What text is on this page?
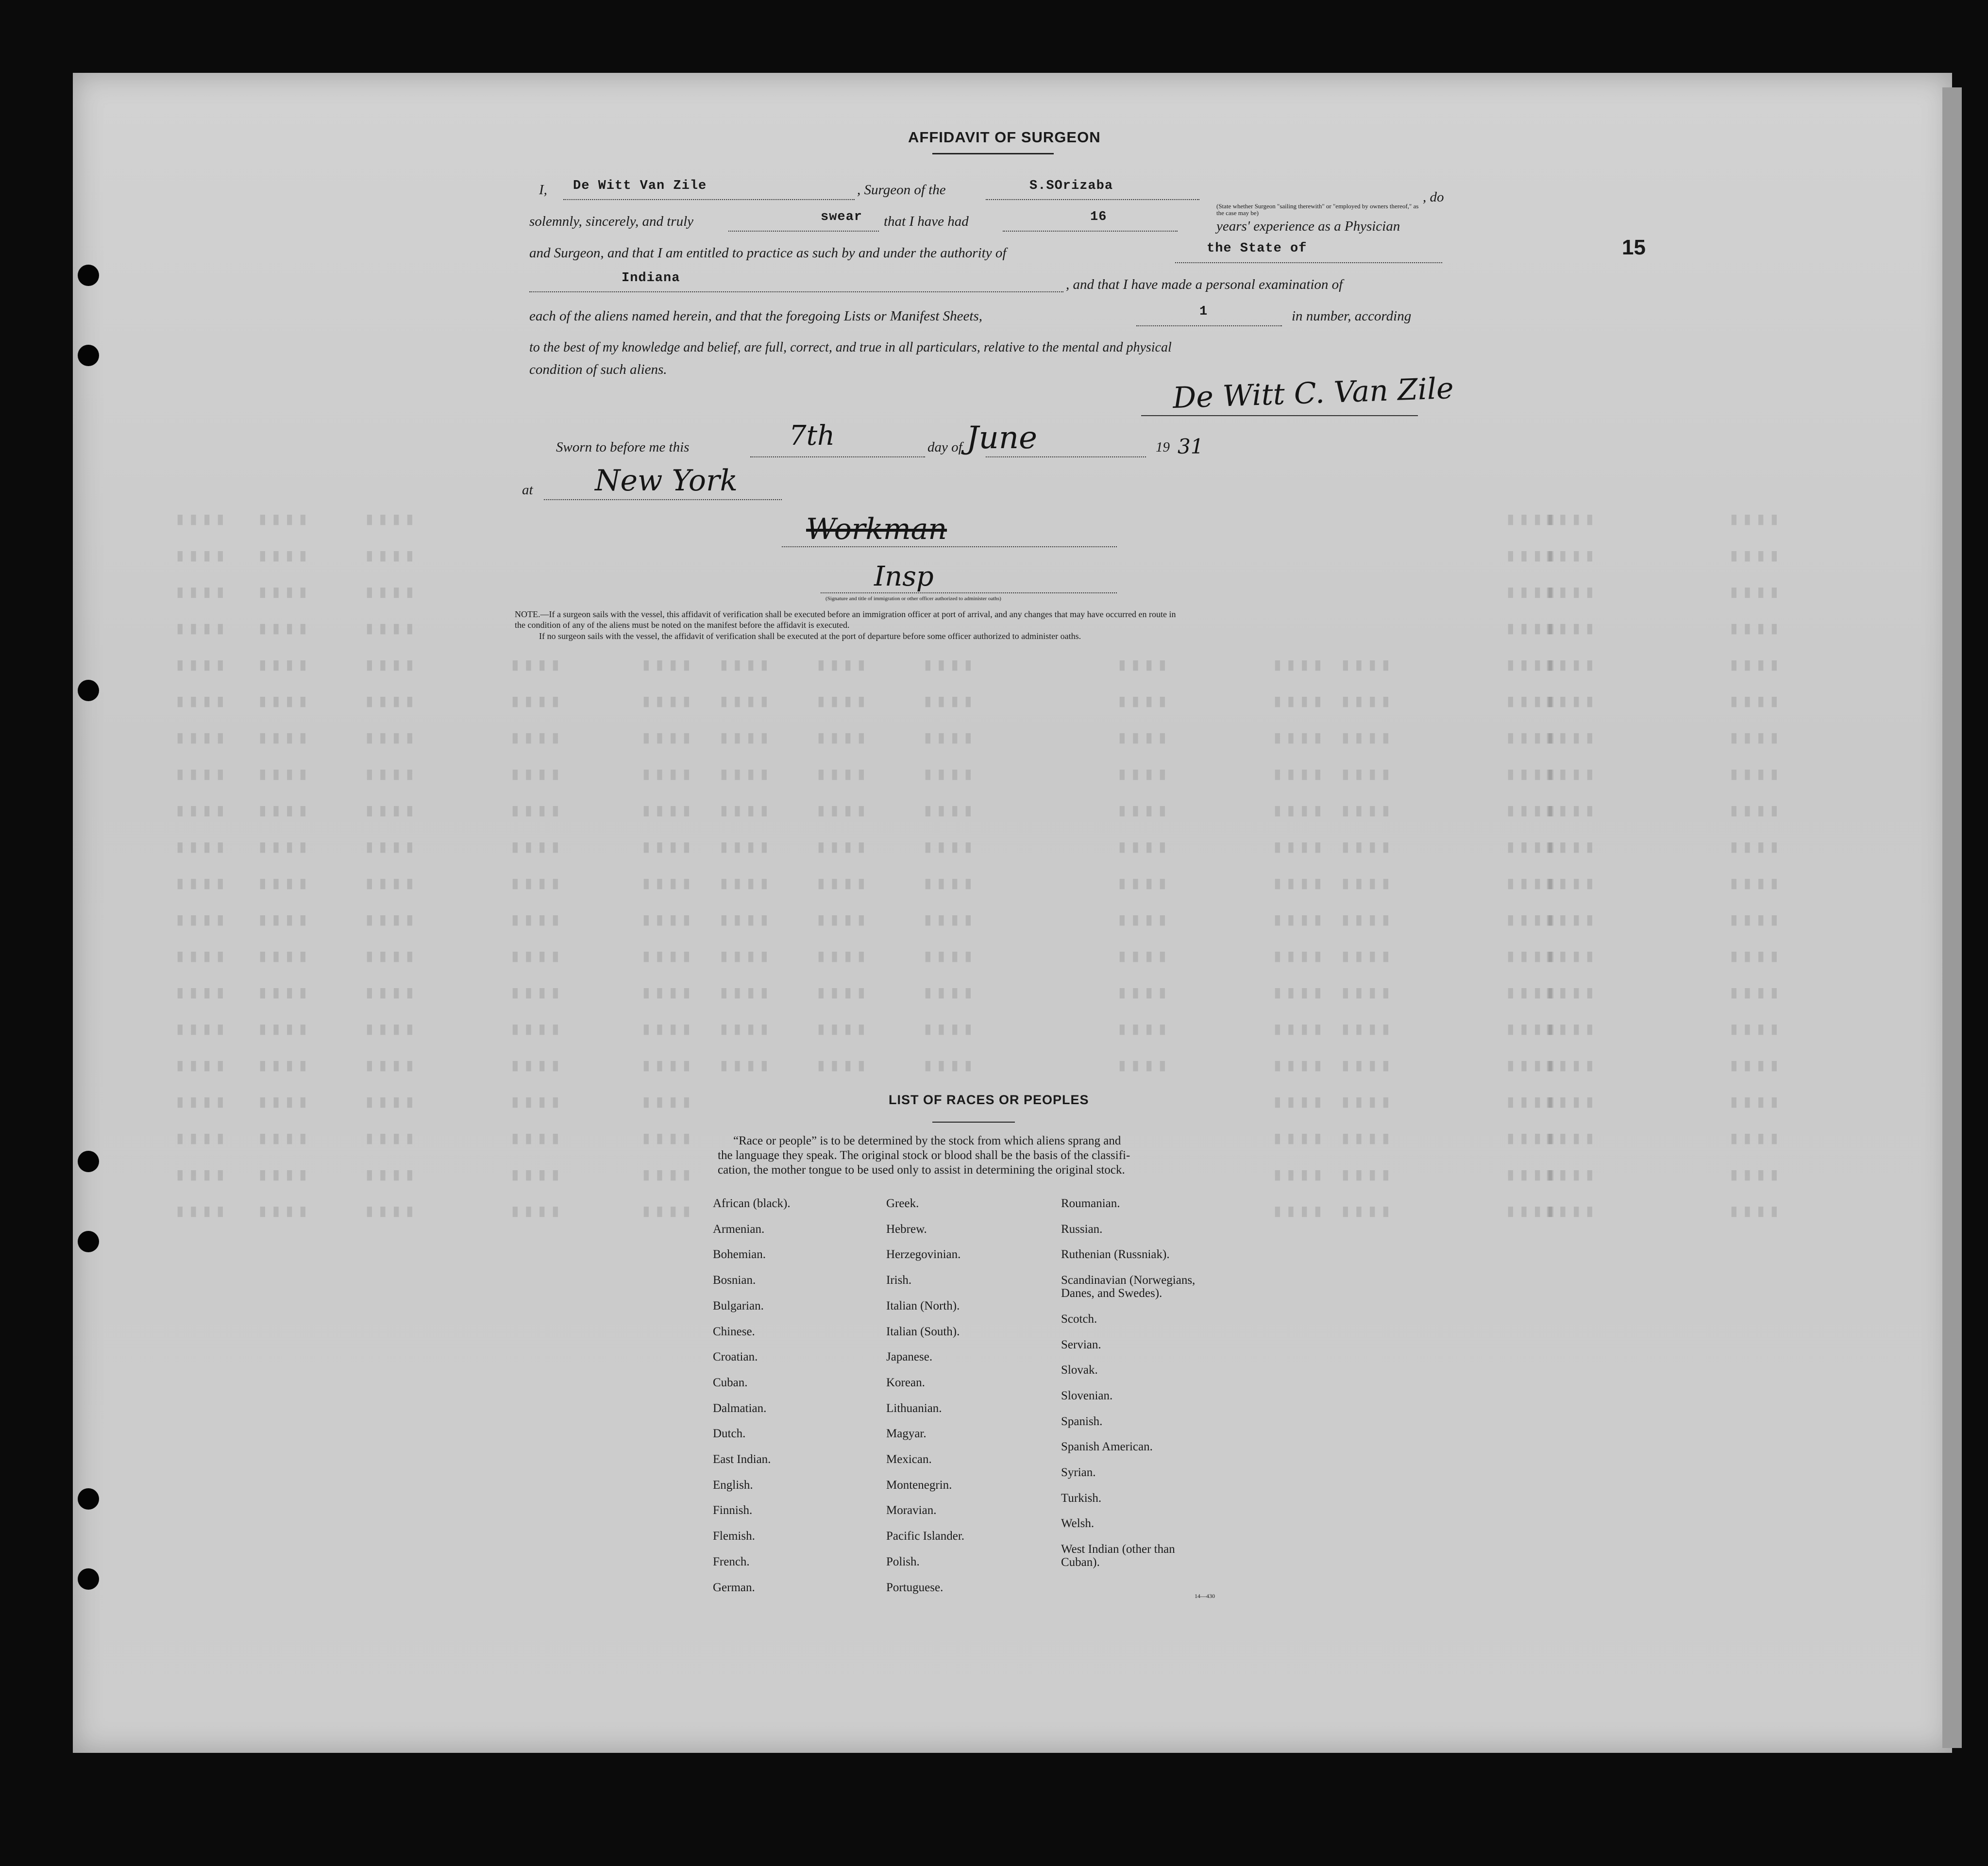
▮▮▮▮ ▮▮▮▮	▮▮▮▮	▮▮▮▮
▮▮▮▮	▮▮▮▮
▮▮▮▮ ▮▮▮▮	▮▮▮▮	▮▮▮▮
▮▮▮▮	▮▮▮▮
▮▮▮▮ ▮▮▮▮	▮▮▮▮	▮▮▮▮
▮▮▮▮	▮▮▮▮
▮▮▮▮ ▮▮▮▮	▮▮▮▮	▮▮▮▮
▮▮▮▮	▮▮▮▮
▮▮▮▮ ▮▮▮▮	▮▮▮▮	▮▮▮▮	▮▮▮▮ ▮▮▮▮ ▮▮▮▮	▮▮▮▮	▮▮▮▮	▮▮▮▮ ▮▮▮▮	▮▮▮▮
▮▮▮▮	▮▮▮▮
▮▮▮▮ ▮▮▮▮	▮▮▮▮	▮▮▮▮	▮▮▮▮ ▮▮▮▮ ▮▮▮▮	▮▮▮▮	▮▮▮▮	▮▮▮▮ ▮▮▮▮	▮▮▮▮
▮▮▮▮	▮▮▮▮
▮▮▮▮ ▮▮▮▮	▮▮▮▮	▮▮▮▮	▮▮▮▮ ▮▮▮▮ ▮▮▮▮	▮▮▮▮	▮▮▮▮	▮▮▮▮ ▮▮▮▮	▮▮▮▮
▮▮▮▮	▮▮▮▮
▮▮▮▮ ▮▮▮▮	▮▮▮▮	▮▮▮▮	▮▮▮▮ ▮▮▮▮ ▮▮▮▮	▮▮▮▮	▮▮▮▮	▮▮▮▮ ▮▮▮▮	▮▮▮▮
▮▮▮▮	▮▮▮▮
▮▮▮▮ ▮▮▮▮	▮▮▮▮	▮▮▮▮	▮▮▮▮ ▮▮▮▮ ▮▮▮▮	▮▮▮▮	▮▮▮▮	▮▮▮▮ ▮▮▮▮	▮▮▮▮
▮▮▮▮	▮▮▮▮
▮▮▮▮ ▮▮▮▮	▮▮▮▮	▮▮▮▮	▮▮▮▮ ▮▮▮▮ ▮▮▮▮	▮▮▮▮	▮▮▮▮	▮▮▮▮ ▮▮▮▮	▮▮▮▮
▮▮▮▮	▮▮▮▮
▮▮▮▮ ▮▮▮▮	▮▮▮▮	▮▮▮▮	▮▮▮▮ ▮▮▮▮ ▮▮▮▮	▮▮▮▮	▮▮▮▮	▮▮▮▮ ▮▮▮▮	▮▮▮▮
▮▮▮▮	▮▮▮▮
▮▮▮▮ ▮▮▮▮	▮▮▮▮	▮▮▮▮	▮▮▮▮ ▮▮▮▮ ▮▮▮▮	▮▮▮▮	▮▮▮▮	▮▮▮▮ ▮▮▮▮	▮▮▮▮
▮▮▮▮	▮▮▮▮
▮▮▮▮ ▮▮▮▮	▮▮▮▮	▮▮▮▮	▮▮▮▮ ▮▮▮▮ ▮▮▮▮	▮▮▮▮	▮▮▮▮	▮▮▮▮ ▮▮▮▮	▮▮▮▮
▮▮▮▮	▮▮▮▮
▮▮▮▮ ▮▮▮▮	▮▮▮▮	▮▮▮▮	▮▮▮▮ ▮▮▮▮ ▮▮▮▮	▮▮▮▮	▮▮▮▮	▮▮▮▮ ▮▮▮▮	▮▮▮▮
▮▮▮▮	▮▮▮▮
▮▮▮▮ ▮▮▮▮	▮▮▮▮	▮▮▮▮	▮▮▮▮ ▮▮▮▮ ▮▮▮▮	▮▮▮▮	▮▮▮▮	▮▮▮▮ ▮▮▮▮	▮▮▮▮
▮▮▮▮	▮▮▮▮
▮▮▮▮ ▮▮▮▮	▮▮▮▮	▮▮▮▮	▮▮▮▮ ▮▮▮▮ ▮▮▮▮	▮▮▮▮	▮▮▮▮	▮▮▮▮ ▮▮▮▮	▮▮▮▮
▮▮▮▮	▮▮▮▮
▮▮▮▮ ▮▮▮▮	▮▮▮▮	▮▮▮▮	▮▮▮▮	▮▮▮▮ ▮▮▮▮	▮▮▮▮
▮▮▮▮	▮▮▮▮
▮▮▮▮ ▮▮▮▮	▮▮▮▮	▮▮▮▮	▮▮▮▮	▮▮▮▮ ▮▮▮▮	▮▮▮▮
▮▮▮▮	▮▮▮▮
▮▮▮▮ ▮▮▮▮	▮▮▮▮	▮▮▮▮	▮▮▮▮	▮▮▮▮ ▮▮▮▮	▮▮▮▮
▮▮▮▮	▮▮▮▮
▮▮▮▮ ▮▮▮▮	▮▮▮▮	▮▮▮▮	▮▮▮▮	▮▮▮▮ ▮▮▮▮	▮▮▮▮
▮▮▮▮	▮▮▮▮
AFFIDAVIT OF SURGEON
I, De Witt Van Zile	, Surgeon of the	S.SOrizaba
, do
(State whether Surgeon "sailing therewith" or "employed by owners thereof," as the case may be)
solemnly, sincerely, and truly	swear that I have had	16
years' experience as a Physician
and Surgeon, and that I am entitled to practice as such by and under the authority of	the State of	15
Indiana	, and that I have made a personal examination of
each of the aliens named herein, and that the foregoing Lists or Manifest Sheets,	1	in number, according
to the best of my knowledge and belief, are full, correct, and true in all particulars, relative to the mental and physical
condition of such aliens.
De Witt C. Van Zile
Sworn to before me this	7th	day of June	19 31
at New York
Workman
Insp
(Signature and title of immigration or other officer authorized to administer oaths)
NOTE.—If a surgeon sails with the vessel, this affidavit of verification shall be executed before an immigration officer at port of arrival, and any changes that may have occurred en route in
the condition of any of the aliens must be noted on the manifest before the affidavit is executed.
If no surgeon sails with the vessel, the affidavit of verification shall be executed at the port of departure before some officer authorized to administer oaths.
LIST OF RACES OR PEOPLES
“Race or people” is to be determined by the stock from which aliens sprang and
the language they speak. The original stock or blood shall be the basis of the classifi-
cation, the mother tongue to be used only to assist in determining the original stock.
African (black).
Armenian.
Bohemian.
Bosnian.
Bulgarian.
Chinese.
Croatian.
Cuban.
Dalmatian.
Dutch.
East Indian.
English.
Finnish.
Flemish.
French.
German.
Greek.
Hebrew.
Herzegovinian.
Irish.
Italian (North).
Italian (South).
Japanese.
Korean.
Lithuanian.
Magyar.
Mexican.
Montenegrin.
Moravian.
Pacific Islander.
Polish.
Portuguese.
Roumanian.
Russian.
Ruthenian (Russniak).
Scandinavian (Norwegians,
Danes, and Swedes).
Scotch.
Servian.
Slovak.
Slovenian.
Spanish.
Spanish American.
Syrian.
Turkish.
Welsh.
West Indian (other than
Cuban).
14—430
